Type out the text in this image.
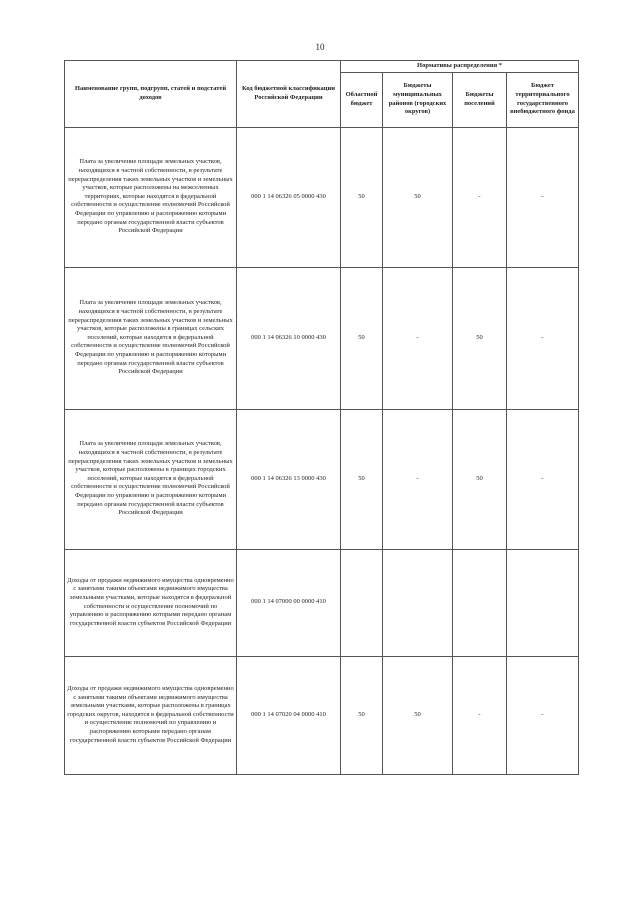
10
Наименование групп, подгрупп, статей и подстатей доходов	Код бюджетной классификации Российской Федерации	Нормативы распределения *			
		Областной бюджет	Бюджеты муниципальных районов (городских округов)	Бюджеты поселений	Бюджет территориального государственного внебюджетного фонда
Плата за увеличение площади земельных участков, находящихся в частной собственности, в результате перераспределения таких земельных участков и земельных участков, которые расположены на межселенных территориях, которые находятся в федеральной собственности и осуществление полномочий Российской Федерации по управлению и распоряжению которыми передано органам государственной власти субъектов Российской Федерации	000 1 14 06326 05 0000 430	50	50	-	-
Плата за увеличение площади земельных участков, находящихся в частной собственности, в результате перераспределения таких земельных участков и земельных участков, которые расположены в границах сельских поселений, которые находятся в федеральной собственности и осуществление полномочий Российской Федерации по управлению и распоряжению которыми передано органам государственной власти субъектов Российской Федерации	000 1 14 06326 10 0000 430	50	-	50	-
Плата за увеличение площади земельных участков, находящихся в частной собственности, в результате перераспределения таких земельных участков и земельных участков, которые расположены в границах городских поселений, которые находятся в федеральной собственности и осуществление полномочий Российской Федерации по управлению и распоряжению которыми передано органам государственной власти субъектов Российской Федерации	000 1 14 06326 13 0000 430	50	-	50	-
Доходы от продажи недвижимого имущества одновременно с занятыми такими объектами недвижимого имущества земельными участками, которые находятся в федеральной собственности и осуществление полномочий по управлению и распоряжению которыми передано органам государственной власти субъектов Российской Федерации	000 1 14 07000 00 0000 410				
Доходы от продажи недвижимого имущества одновременно с занятыми такими объектами недвижимого имущества земельными участками, которые расположены в границах городских округов, находятся в федеральной собственности и осуществление полномочий по управлению и распоряжению которыми передано органам государственной власти субъектов Российской Федерации	000 1 14 07020 04 0000 410	50	50	-	-
